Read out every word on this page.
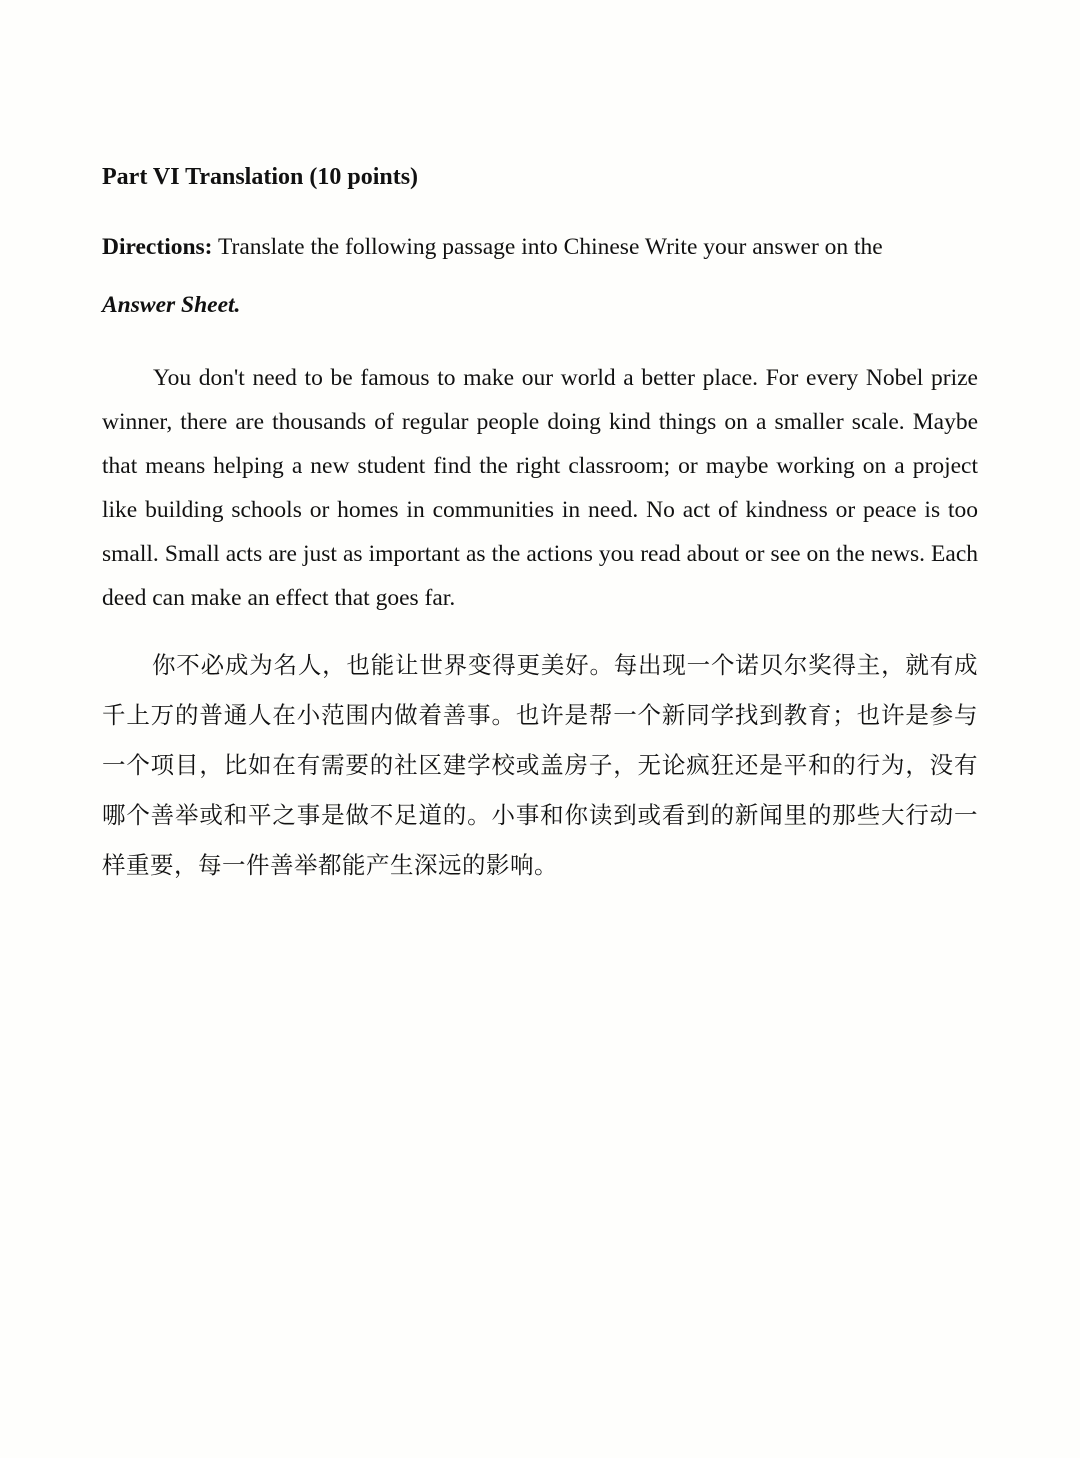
Part VI Translation (10 points)

Directions: Translate the following passage into Chinese Write your answer on the
Answer Sheet.

You don't need to be famous to make our world a better place. For every Nobel prize winner, there are thousands of regular people doing kind things on a smaller scale. Maybe that means helping a new student find the right classroom; or maybe working on a project like building schools or homes in communities in need. No act of kindness or peace is too small. Small acts are just as important as the actions you read about or see on the news. Each deed can make an effect that goes far.

你不必成为名人，也能让世界变得更美好。每出现一个诺贝尔奖得主，就有成千上万的普通人在小范围内做着善事。也许是帮一个新同学找到教育；也许是参与一个项目，比如在有需要的社区建学校或盖房子，无论疯狂还是平和的行为，没有哪个善举或和平之事是做不足道的。小事和你读到或看到的新闻里的那些大行动一样重要，每一件善举都能产生深远的影响。
